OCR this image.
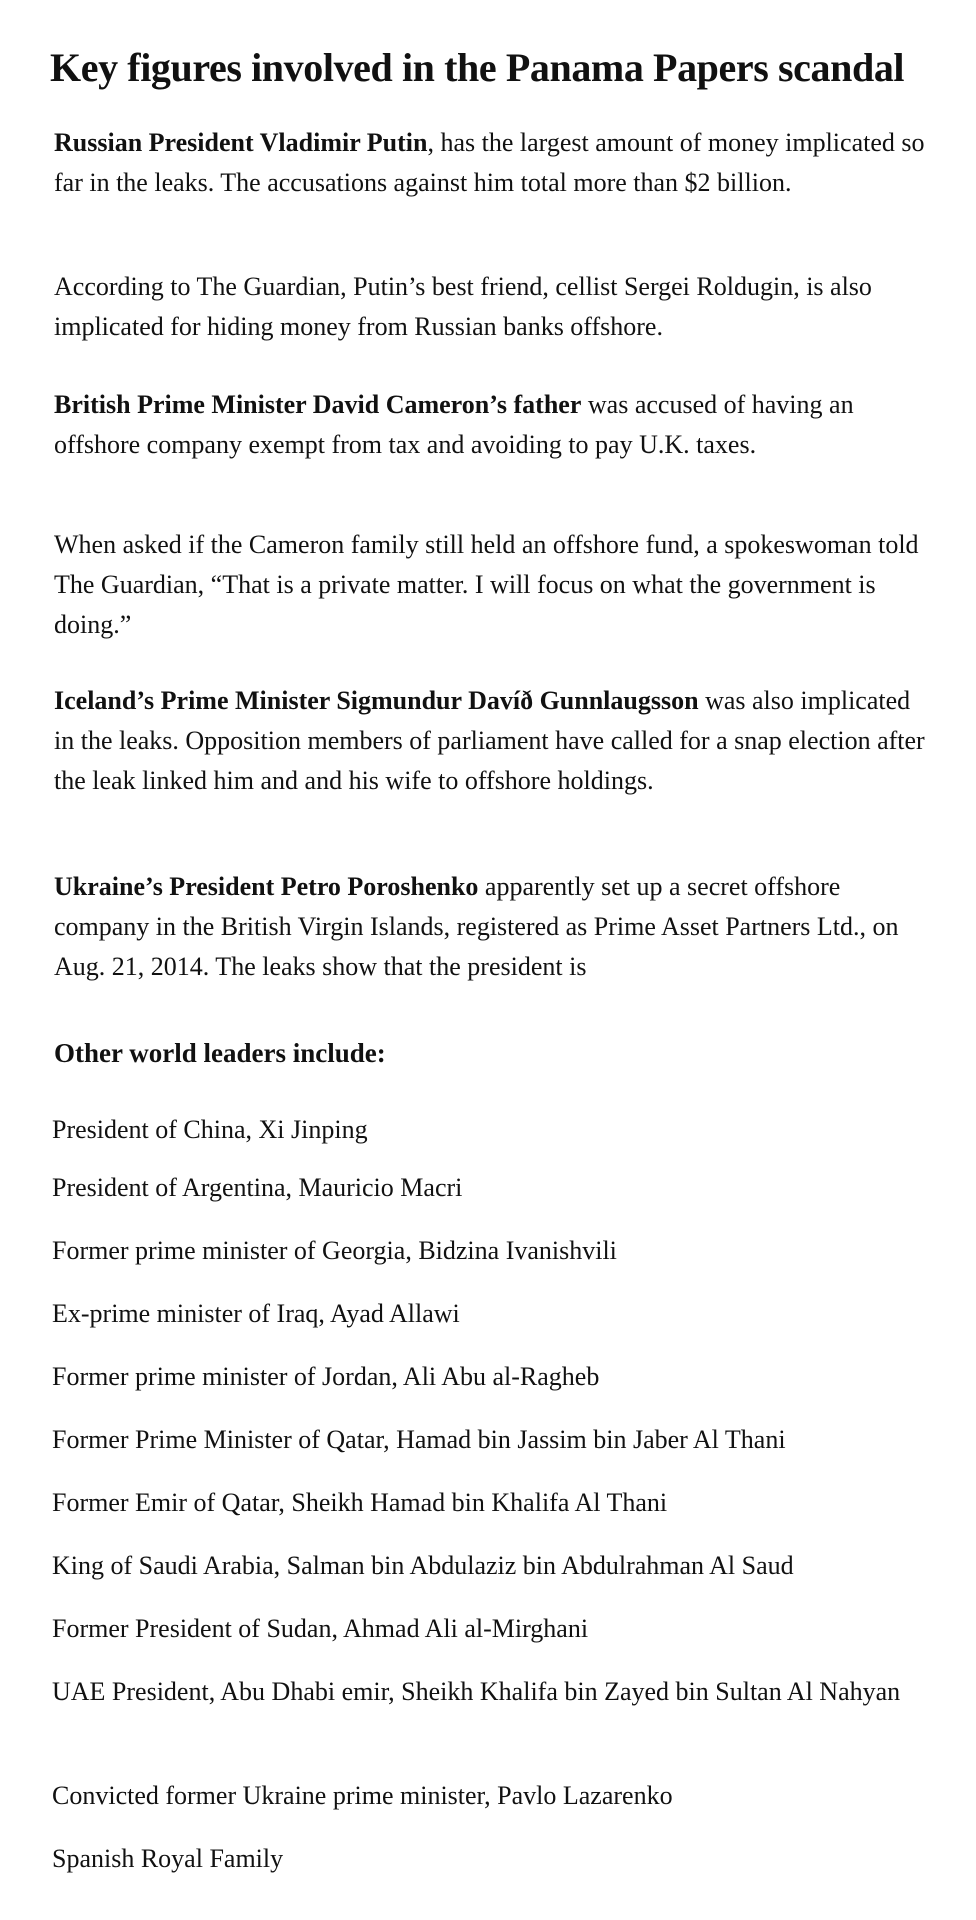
Key figures involved in the Panama Papers scandal

Russian President Vladimir Putin, has the largest amount of money implicated so far in the leaks. The accusations against him total more than $2 billion.

According to The Guardian, Putin’s best friend, cellist Sergei Roldugin, is also implicated for hiding money from Russian banks offshore.

British Prime Minister David Cameron’s father was accused of having an offshore company exempt from tax and avoiding to pay U.K. taxes.

When asked if the Cameron family still held an offshore fund, a spokeswoman told The Guardian, “That is a private matter. I will focus on what the government is doing.”

Iceland’s Prime Minister Sigmundur Davíð Gunnlaugsson was also implicated in the leaks. Opposition members of parliament have called for a snap election after the leak linked him and and his wife to offshore holdings.

Ukraine’s President Petro Poroshenko apparently set up a secret offshore company in the British Virgin Islands, registered as Prime Asset Partners Ltd., on Aug. 21, 2014. The leaks show that the president is

Other world leaders include:
President of China, Xi Jinping
President of Argentina, Mauricio Macri
Former prime minister of Georgia, Bidzina Ivanishvili
Ex-prime minister of Iraq, Ayad Allawi
Former prime minister of Jordan, Ali Abu al-Ragheb
Former Prime Minister of Qatar, Hamad bin Jassim bin Jaber Al Thani
Former Emir of Qatar, Sheikh Hamad bin Khalifa Al Thani
King of Saudi Arabia, Salman bin Abdulaziz bin Abdulrahman Al Saud
Former President of Sudan, Ahmad Ali al-Mirghani
UAE President, Abu Dhabi emir, Sheikh Khalifa bin Zayed bin Sultan Al Nahyan
Convicted former Ukraine prime minister, Pavlo Lazarenko
Spanish Royal Family
